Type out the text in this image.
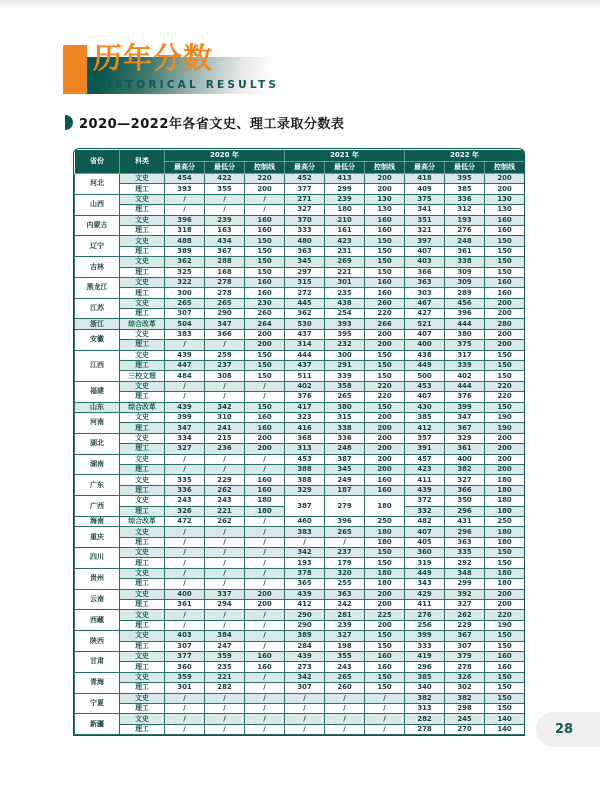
历年分数
HISTORICAL RESULTS
2020—2022年各省文史、理工录取分数表
省份	科类	2020 年			2021 年			2022 年		
		最高分	最低分	控制线	最高分	最低分	控制线	最高分	最低分	控制线
河北	文史	454	422	220	452	413	200	418	395	200
	理工	393	355	200	377	299	200	409	385	200
山西	文史	/	/	/	271	239	130	375	336	130
	理工	/	/	/	327	180	130	341	312	130
内蒙古	文史	396	239	160	370	210	160	351	193	160
	理工	318	163	160	333	161	160	321	276	160
辽宁	文史	488	434	150	480	423	150	397	248	150
	理工	389	367	150	363	231	150	407	361	150
吉林	文史	362	288	150	345	269	150	403	338	150
	理工	325	168	150	297	221	150	366	309	150
黑龙江	文史	322	278	160	315	301	160	363	309	160
	理工	300	278	160	272	235	160	303	289	160
江苏	文史	265	265	230	445	438	260	467	456	200
	理工	307	290	260	362	254	220	427	396	200
浙江	综合改革	504	347	264	530	393	266	521	444	280
安徽	文史	383	366	200	437	395	200	407	380	200
	理工	/	/	200	314	232	200	400	375	200
江西	文史	439	259	150	444	300	150	438	317	150
	理工	447	237	150	437	291	150	449	339	150
	三校文理	484	308	150	511	339	150	500	402	150
福建	文史	/	/	/	402	358	220	453	444	220
	理工	/	/	/	376	265	220	407	376	220
山东	综合改革	439	342	150	417	380	150	430	399	150
河南	文史	399	310	160	323	315	200	385	347	190
	理工	347	241	160	416	338	200	412	367	190
湖北	文史	334	215	200	368	336	200	357	329	200
	理工	327	236	200	313	248	200	391	361	200
湖南	文史	/	/	/	453	387	200	457	400	200
	理工	/	/	/	388	345	200	423	382	200
广东	文史	335	229	160	388	249	160	411	327	180
	理工	336	262	160	329	187	160	439	366	180
广西	文史	243	243	180	387	279	180	372	350	180
	理工	326	221	180				332	296	180
海南	综合改革	472	262	/	460	396	250	482	431	250
重庆	文史	/	/	/	383	265	180	407	296	180
	理工	/	/	/	/	/	180	405	363	180
四川	文史	/	/	/	342	237	150	360	335	150
	理工	/	/	/	193	179	150	319	292	150
贵州	文史	/	/	/	378	320	180	449	348	180
	理工	/	/	/	365	255	180	343	299	180
云南	文史	400	337	200	439	363	200	429	392	200
	理工	361	294	200	412	242	200	411	327	200
西藏	文史	/	/	/	290	281	225	276	262	220
	理工	/	/	/	290	239	200	256	229	190
陕西	文史	403	384	/	389	327	150	399	367	150
	理工	307	247	/	284	198	150	333	307	150
甘肃	文史	377	359	160	439	355	160	419	379	160
	理工	360	235	160	273	243	160	296	278	160
青海	文史	359	221	/	342	265	150	385	326	150
	理工	301	282	/	307	260	150	340	302	150
宁夏	文史	/	/	/	/	/	/	382	382	150
	理工	/	/	/	/	/	/	313	298	150
新疆	文史	/	/	/	/	/	/	282	245	140
	理工	/	/	/	/	/	/	278	270	140	28
